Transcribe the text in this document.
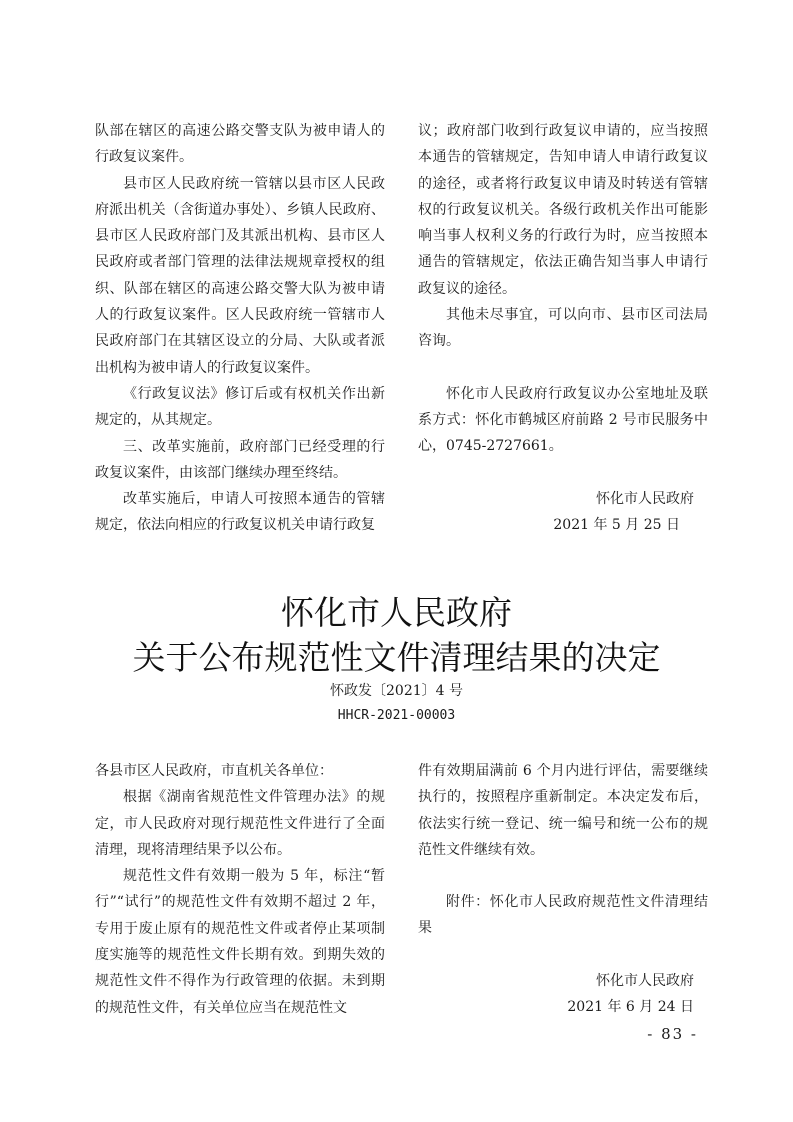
队部在辖区的高速公路交警支队为被申请人的行政复议案件。

县市区人民政府统一管辖以县市区人民政府派出机关（含街道办事处）、乡镇人民政府、县市区人民政府部门及其派出机构、县市区人民政府或者部门管理的法律法规规章授权的组织、队部在辖区的高速公路交警大队为被申请人的行政复议案件。区人民政府统一管辖市人民政府部门在其辖区设立的分局、大队或者派出机构为被申请人的行政复议案件。

《行政复议法》修订后或有权机关作出新规定的，从其规定。

三、改革实施前，政府部门已经受理的行政复议案件，由该部门继续办理至终结。

改革实施后，申请人可按照本通告的管辖规定，依法向相应的行政复议机关申请行政复

议；政府部门收到行政复议申请的，应当按照本通告的管辖规定，告知申请人申请行政复议的途径，或者将行政复议申请及时转送有管辖权的行政复议机关。各级行政机关作出可能影响当事人权利义务的行政行为时，应当按照本通告的管辖规定，依法正确告知当事人申请行政复议的途径。

其他未尽事宜，可以向市、县市区司法局咨询。

怀化市人民政府行政复议办公室地址及联系方式：怀化市鹤城区府前路 2 号市民服务中心，0745-2727661。

怀化市人民政府

2021 年 5 月 25 日

怀化市人民政府
关于公布规范性文件清理结果的决定
怀政发〔2021〕4 号
HHCR-2021-00003

各县市区人民政府，市直机关各单位：

根据《湖南省规范性文件管理办法》的规定，市人民政府对现行规范性文件进行了全面清理，现将清理结果予以公布。

规范性文件有效期一般为 5 年，标注“暂行”“试行”的规范性文件有效期不超过 2 年，专用于废止原有的规范性文件或者停止某项制度实施等的规范性文件长期有效。到期失效的规范性文件不得作为行政管理的依据。未到期的规范性文件，有关单位应当在规范性文

件有效期届满前 6 个月内进行评估，需要继续执行的，按照程序重新制定。本决定发布后，依法实行统一登记、统一编号和统一公布的规范性文件继续有效。

附件：怀化市人民政府规范性文件清理结果

怀化市人民政府

2021 年 6 月 24 日

- 83 -
